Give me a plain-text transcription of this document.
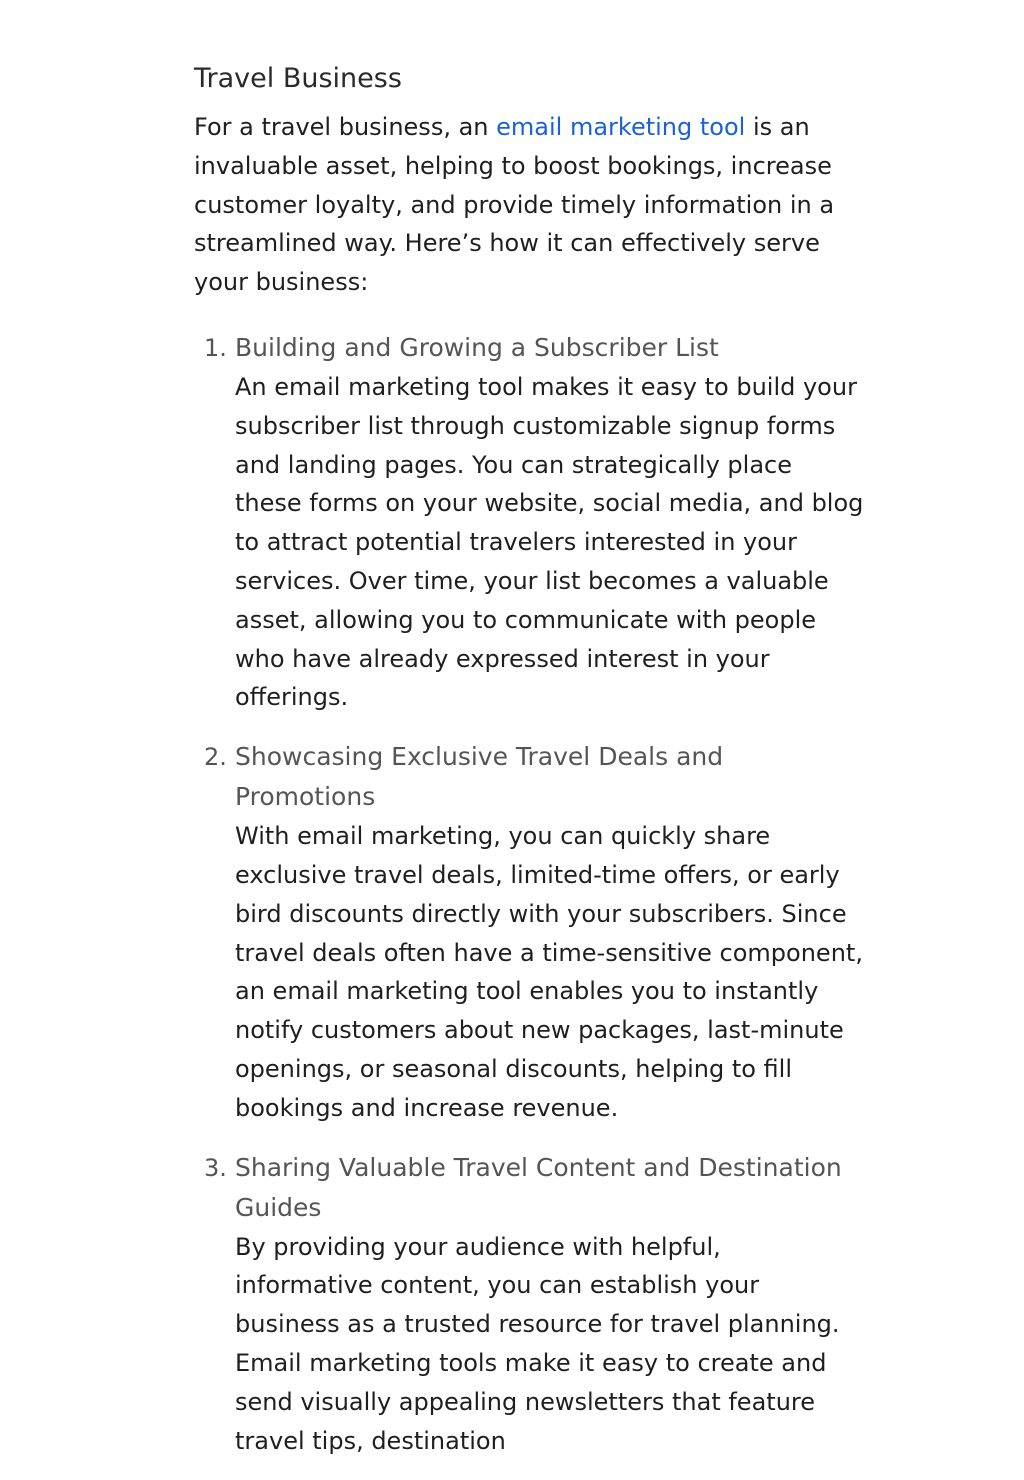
Travel Business

For a travel business, an email marketing tool is an invaluable asset, helping to boost bookings, increase customer loyalty, and provide timely information in a streamlined way. Here’s how it can effectively serve your business:

1. Building and Growing a Subscriber List
An email marketing tool makes it easy to build your subscriber list through customizable signup forms and landing pages. You can strategically place these forms on your website, social media, and blog to attract potential travelers interested in your services. Over time, your list becomes a valuable asset, allowing you to communicate with people who have already expressed interest in your offerings.
2. Showcasing Exclusive Travel Deals and Promotions
With email marketing, you can quickly share exclusive travel deals, limited-time offers, or early bird discounts directly with your subscribers. Since travel deals often have a time-sensitive component, an email marketing tool enables you to instantly notify customers about new packages, last-minute openings, or seasonal discounts, helping to fill bookings and increase revenue.
3. Sharing Valuable Travel Content and Destination Guides
By providing your audience with helpful, informative content, you can establish your business as a trusted resource for travel planning. Email marketing tools make it easy to create and send visually appealing newsletters that feature travel tips, destination
